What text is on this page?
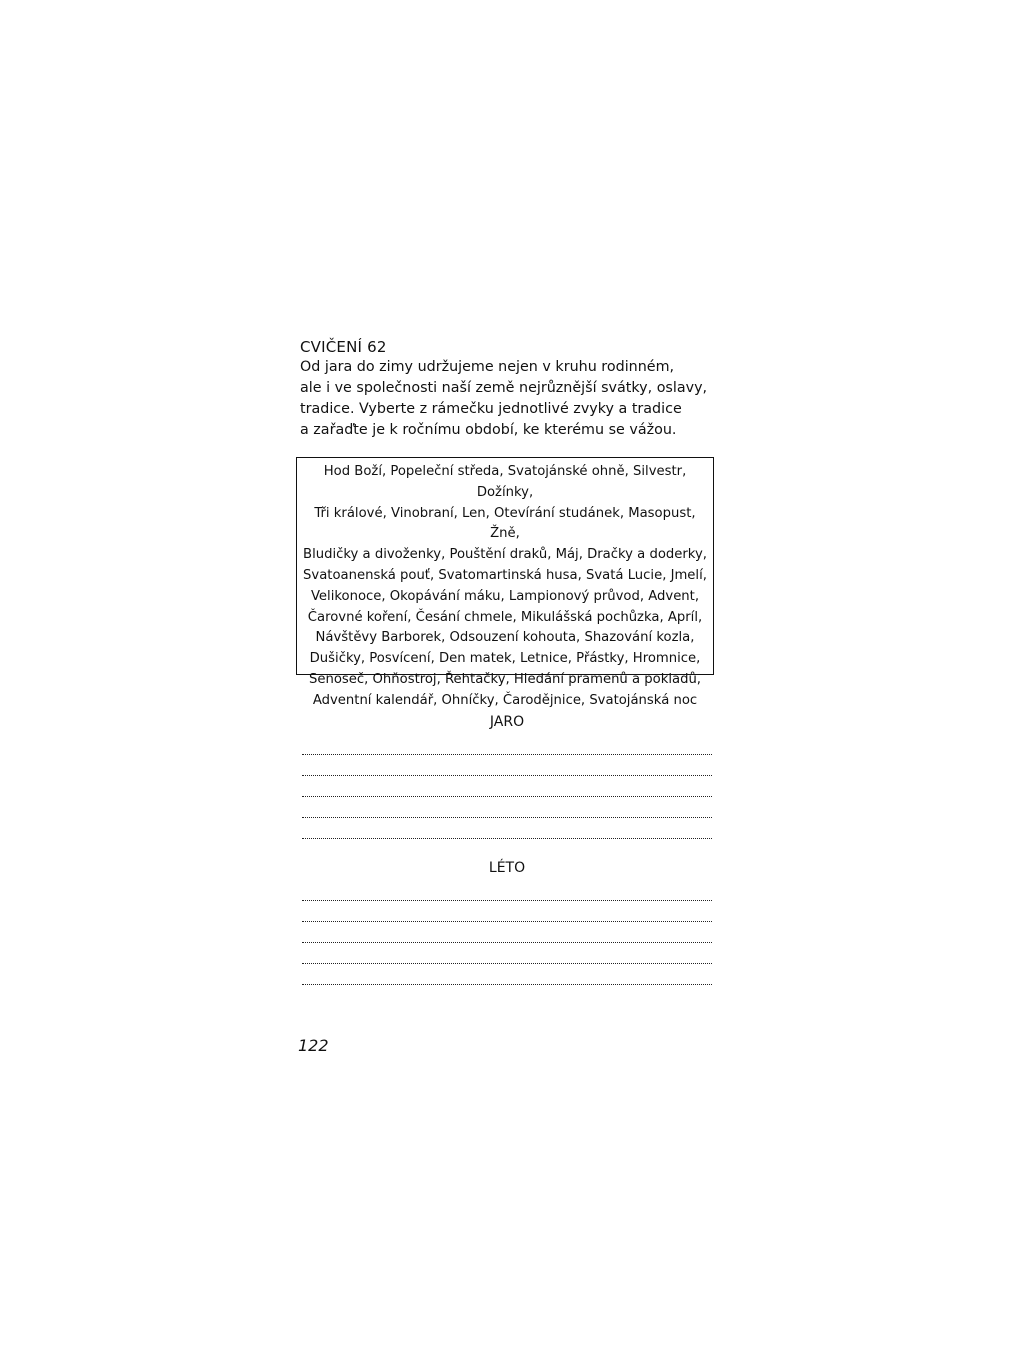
CVIČENÍ 62

Od jara do zimy udržujeme nejen v kruhu rodinném,
ale i ve společnosti naší země nejrůznější svátky, oslavy,
tradice. Vyberte z rámečku jednotlivé zvyky a tradice
a zařaďte je k ročnímu období, ke kterému se vážou.

Hod Boží, Popeleční středa, Svatojánské ohně, Silvestr, Dožínky,
Tři králové, Vinobraní, Len, Otevírání studánek, Masopust, Žně,
Bludičky a divoženky, Pouštění draků, Máj, Dračky a doderky,
Svatoanenská pouť, Svatomartinská husa, Svatá Lucie, Jmelí,
Velikonoce, Okopávání máku, Lampionový průvod, Advent,
Čarovné koření, Česání chmele, Mikulášská pochůzka, Apríl,
Návštěvy Barborek, Odsouzení kohouta, Shazování kozla,
Dušičky, Posvícení, Den matek, Letnice, Přástky, Hromnice,
Senoseč, Ohňostroj, Řehtačky, Hledání pramenů a pokladů,
Adventní kalendář, Ohníčky, Čarodějnice, Svatojánská noc
JARO
LÉTO
122
